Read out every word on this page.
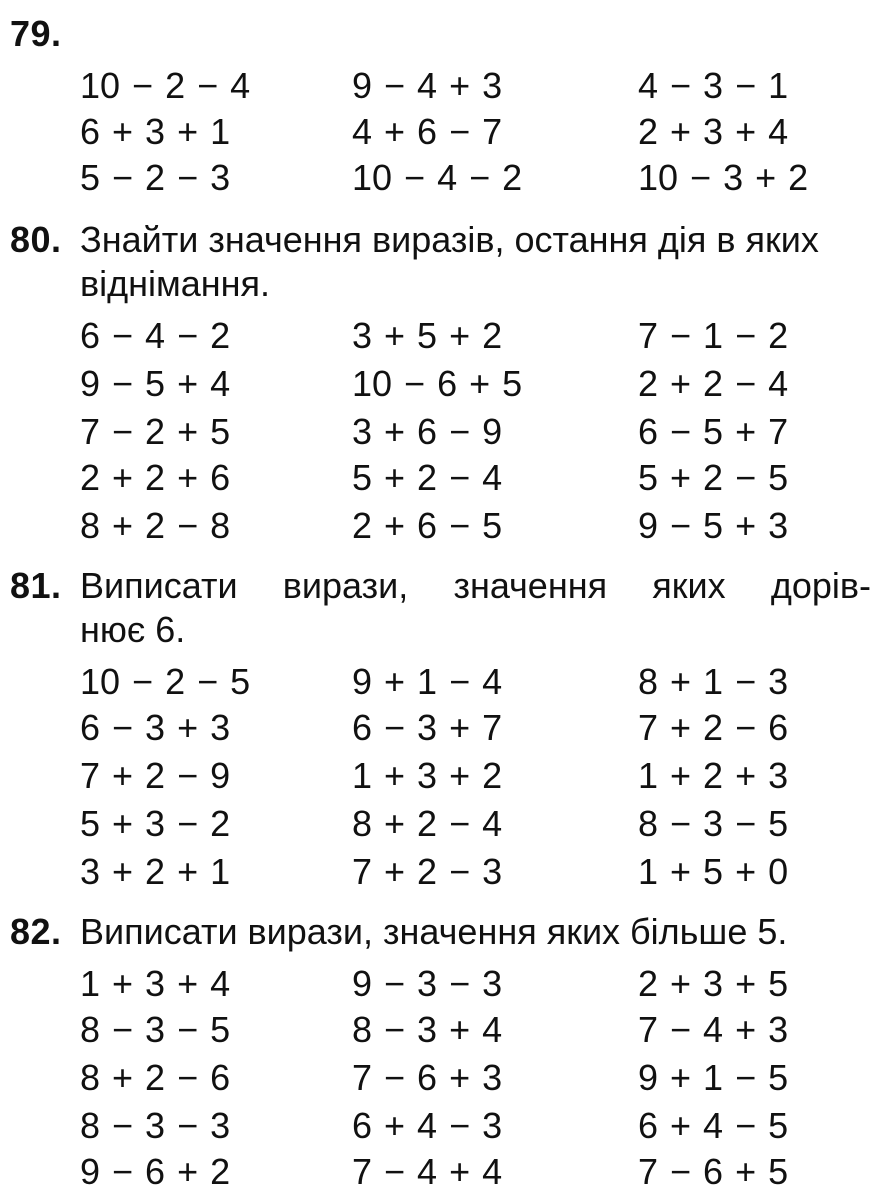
79.
10 − 2 − 4	9 − 4 + 3	4 − 3 − 1
6 + 3 + 1	4 + 6 − 7	2 + 3 + 4
5 − 2 − 3	10 − 4 − 2	10 − 3 + 2
80. Знайти значення виразів, остання дія в яких
віднімання.
6 − 4 − 2	3 + 5 + 2	7 − 1 − 2
9 − 5 + 4	10 − 6 + 5	2 + 2 − 4
7 − 2 + 5	3 + 6 − 9	6 − 5 + 7
2 + 2 + 6	5 + 2 − 4	5 + 2 − 5
8 + 2 − 8	2 + 6 − 5	9 − 5 + 3
81. Виписати вирази, значення яких дорів-
нює 6.
10 − 2 − 5	9 + 1 − 4	8 + 1 − 3
6 − 3 + 3	6 − 3 + 7	7 + 2 − 6
7 + 2 − 9	1 + 3 + 2	1 + 2 + 3
5 + 3 − 2	8 + 2 − 4	8 − 3 − 5
3 + 2 + 1	7 + 2 − 3	1 + 5 + 0
82. Виписати вирази, значення яких більше 5.
1 + 3 + 4	9 − 3 − 3	2 + 3 + 5
8 − 3 − 5	8 − 3 + 4	7 − 4 + 3
8 + 2 − 6	7 − 6 + 3	9 + 1 − 5
8 − 3 − 3	6 + 4 − 3	6 + 4 − 5
9 − 6 + 2	7 − 4 + 4	7 − 6 + 5
